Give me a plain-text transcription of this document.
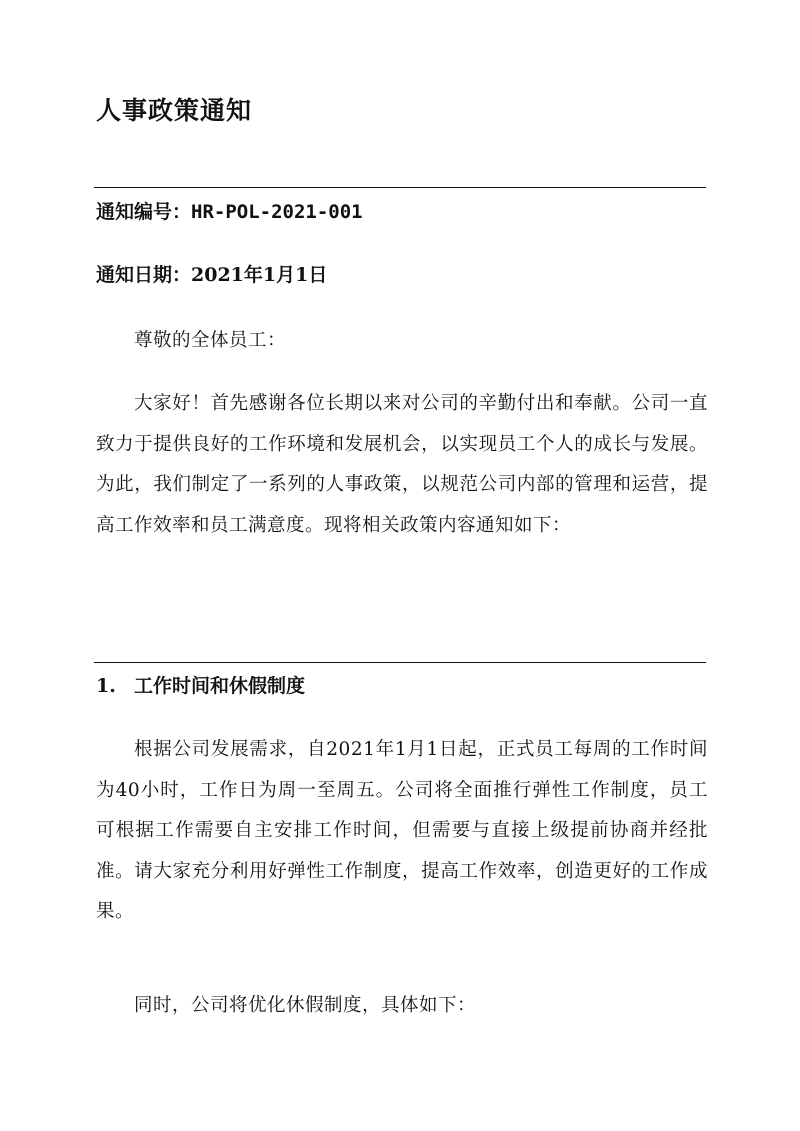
人事政策通知

通知编号：HR-POL-2021-001

通知日期：2021年1月1日

尊敬的全体员工：

大家好！首先感谢各位长期以来对公司的辛勤付出和奉献。公司一直致力于提供良好的工作环境和发展机会，以实现员工个人的成长与发展。为此，我们制定了一系列的人事政策，以规范公司内部的管理和运营，提高工作效率和员工满意度。现将相关政策内容通知如下：

1. 工作时间和休假制度

根据公司发展需求，自2021年1月1日起，正式员工每周的工作时间为40小时，工作日为周一至周五。公司将全面推行弹性工作制度，员工可根据工作需要自主安排工作时间，但需要与直接上级提前协商并经批准。请大家充分利用好弹性工作制度，提高工作效率，创造更好的工作成果。

同时，公司将优化休假制度，具体如下：
